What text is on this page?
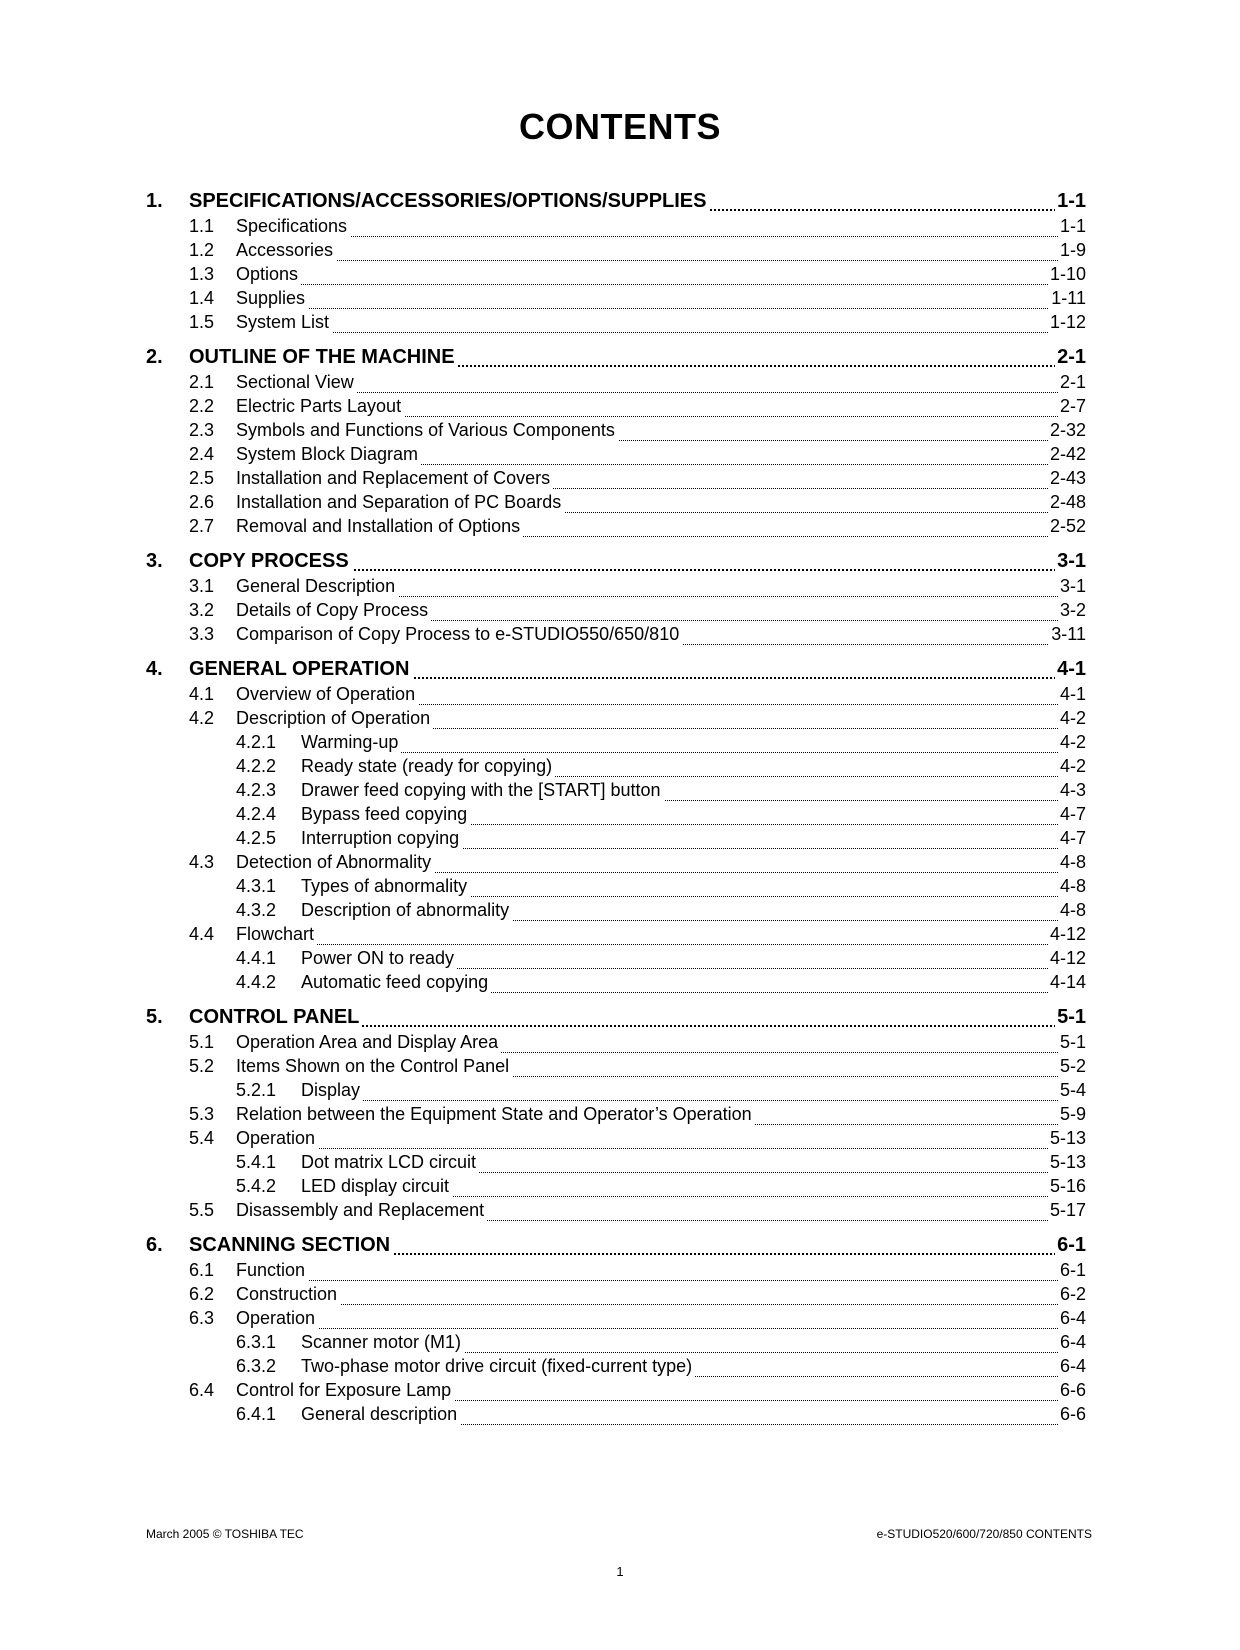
CONTENTS
1. SPECIFICATIONS/ACCESSORIES/OPTIONS/SUPPLIES	1-1
1.1 Specifications	1-1
1.2 Accessories	1-9
1.3 Options	1-10
1.4 Supplies	1-11
1.5 System List	1-12
2. OUTLINE OF THE MACHINE	2-1
2.1 Sectional View	2-1
2.2 Electric Parts Layout	2-7
2.3 Symbols and Functions of Various Components	2-32
2.4 System Block Diagram	2-42
2.5 Installation and Replacement of Covers	2-43
2.6 Installation and Separation of PC Boards	2-48
2.7 Removal and Installation of Options	2-52
3. COPY PROCESS	3-1
3.1 General Description	3-1
3.2 Details of Copy Process	3-2
3.3 Comparison of Copy Process to e-STUDIO550/650/810	3-11
4. GENERAL OPERATION	4-1
4.1 Overview of Operation	4-1
4.2 Description of Operation	4-2
4.2.1 Warming-up	4-2
4.2.2 Ready state (ready for copying)	4-2
4.2.3 Drawer feed copying with the [START] button	4-3
4.2.4 Bypass feed copying	4-7
4.2.5 Interruption copying	4-7
4.3 Detection of Abnormality	4-8
4.3.1 Types of abnormality	4-8
4.3.2 Description of abnormality	4-8
4.4 Flowchart	4-12
4.4.1 Power ON to ready	4-12
4.4.2 Automatic feed copying	4-14
5. CONTROL PANEL	5-1
5.1 Operation Area and Display Area	5-1
5.2 Items Shown on the Control Panel	5-2
5.2.1 Display	5-4
5.3 Relation between the Equipment State and Operator’s Operation	5-9
5.4 Operation	5-13
5.4.1 Dot matrix LCD circuit	5-13
5.4.2 LED display circuit	5-16
5.5 Disassembly and Replacement	5-17
6. SCANNING SECTION	6-1
6.1 Function	6-1
6.2 Construction	6-2
6.3 Operation	6-4
6.3.1 Scanner motor (M1)	6-4
6.3.2 Two-phase motor drive circuit (fixed-current type)	6-4
6.4 Control for Exposure Lamp	6-6
6.4.1 General description	6-6
March 2005 © TOSHIBA TEC	e-STUDIO520/600/720/850 CONTENTS
1
